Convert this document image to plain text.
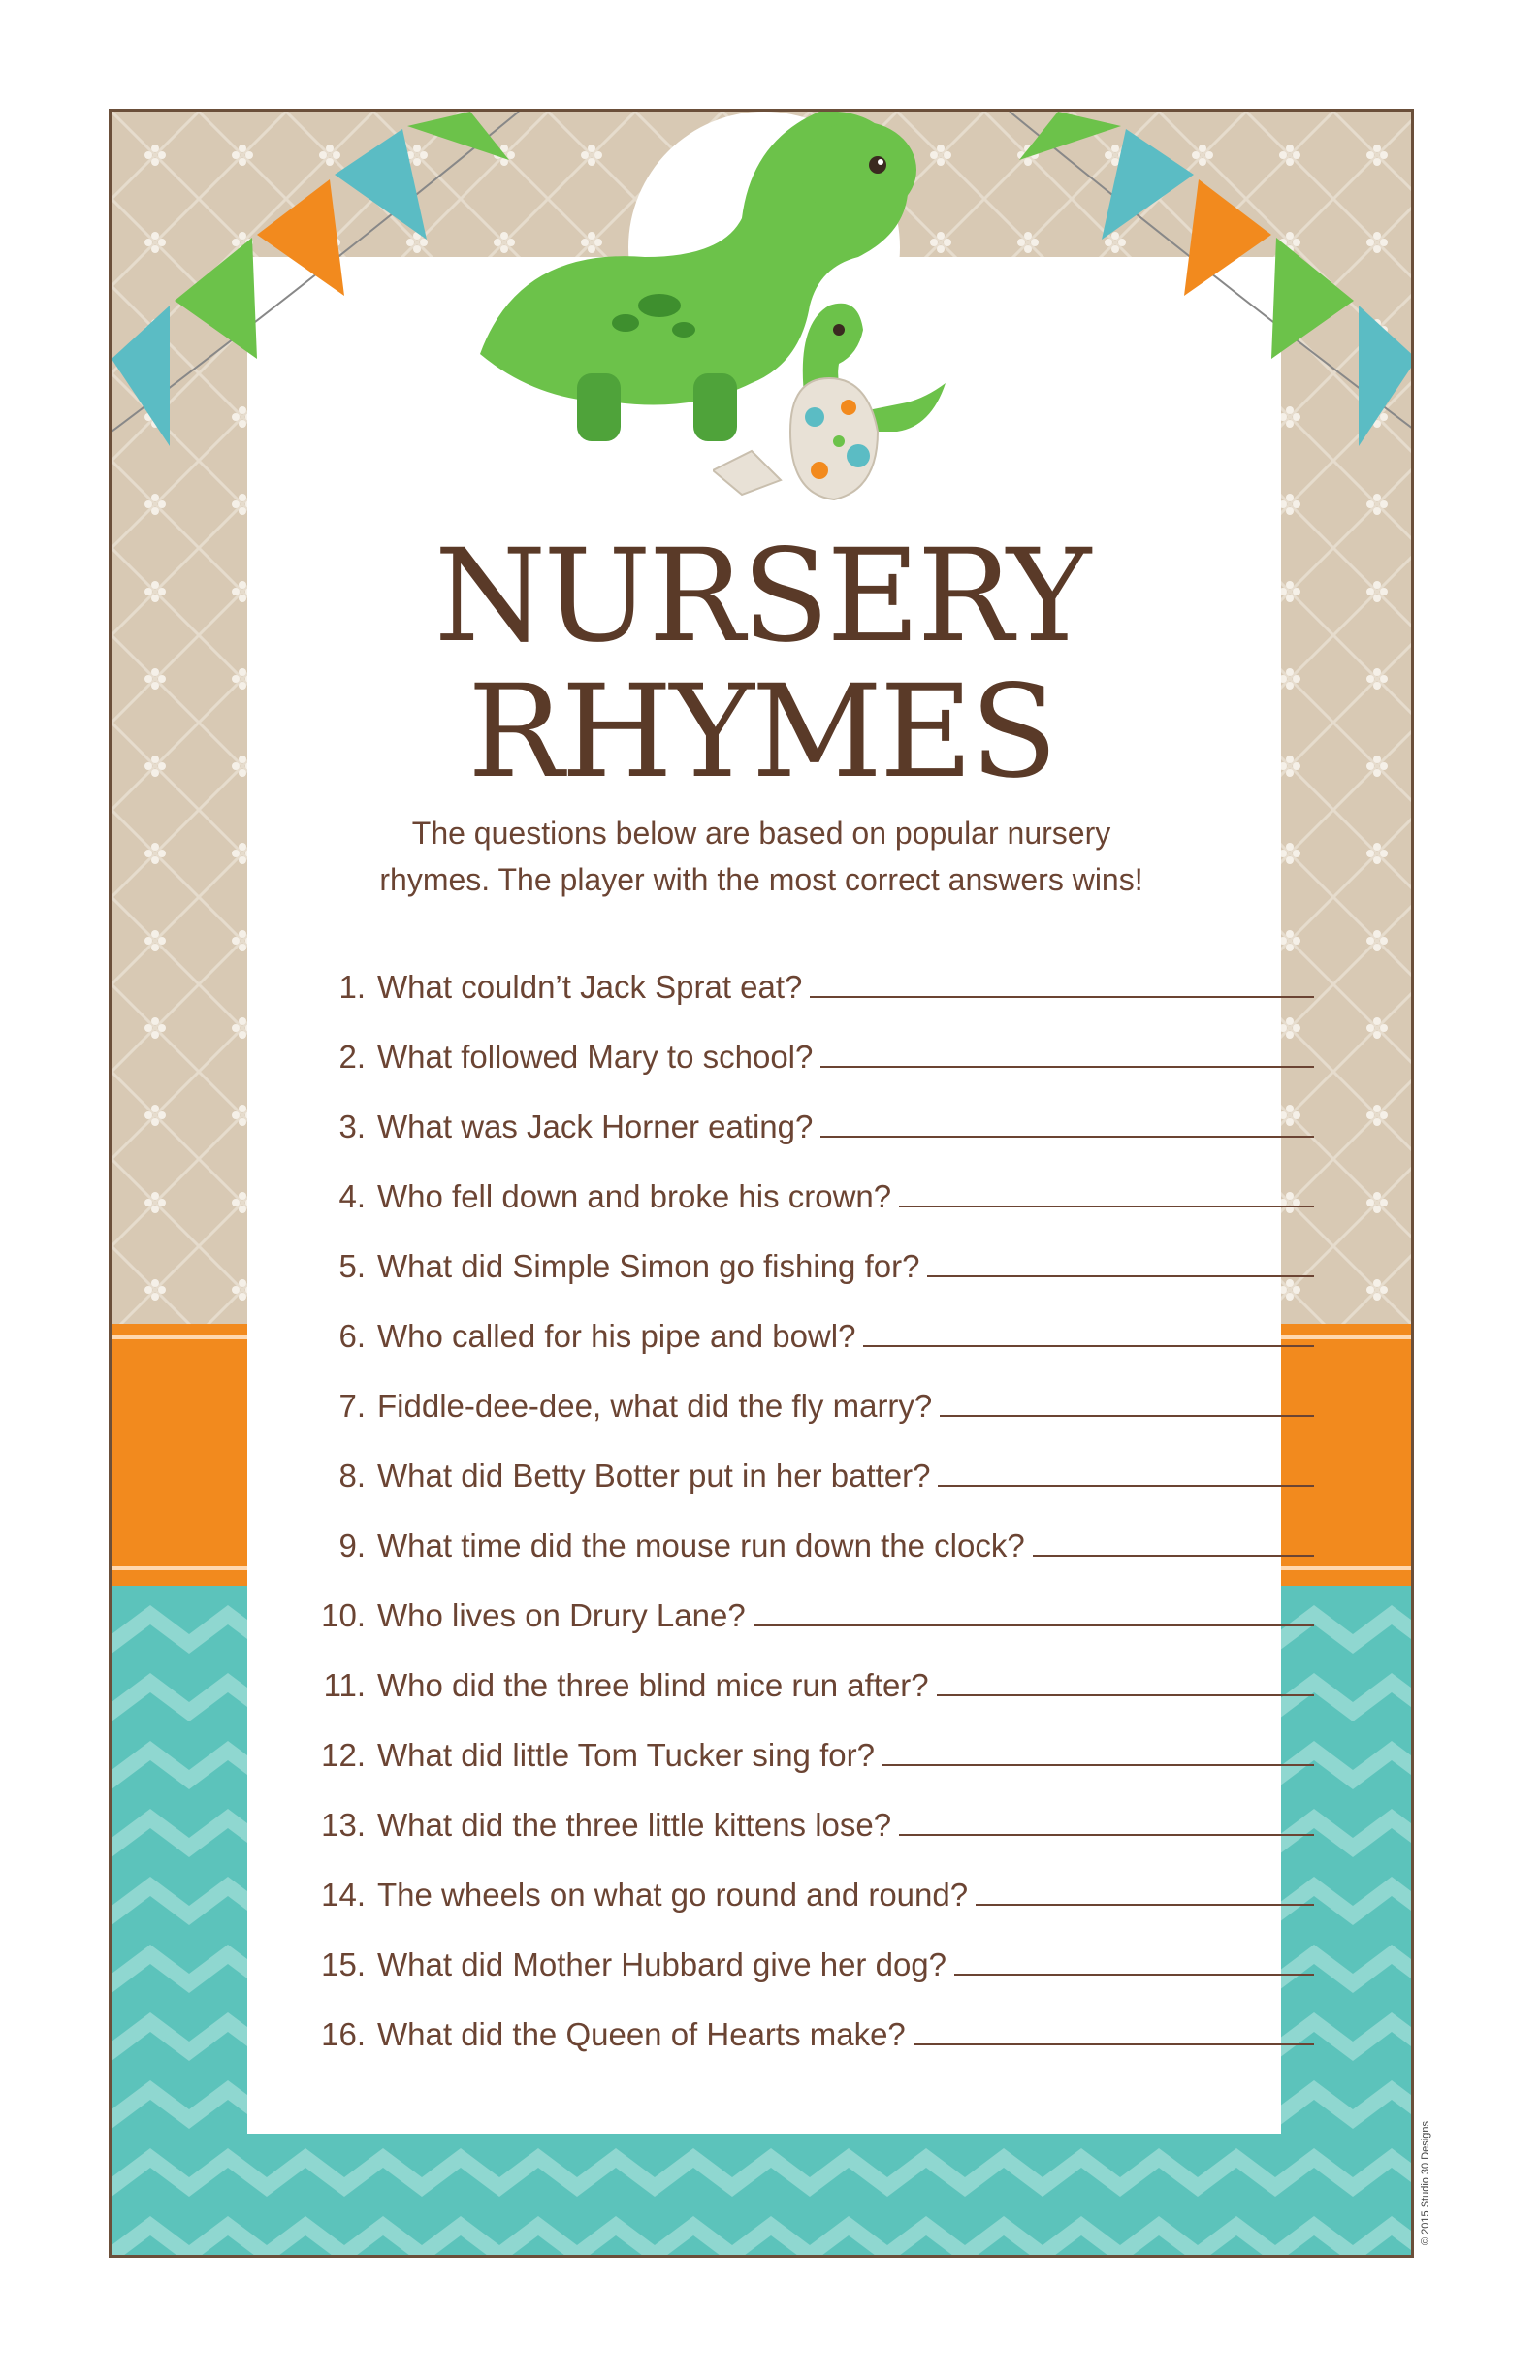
NURSERY
RHYMES

The questions below are based on popular nursery
rhymes. The player with the most correct answers wins!

1. What couldn’t Jack Sprat eat?
2. What followed Mary to school?
3. What was Jack Horner eating?
4. Who fell down and broke his crown?
5. What did Simple Simon go fishing for?
6. Who called for his pipe and bowl?
7. Fiddle-dee-dee, what did the fly marry?
8. What did Betty Botter put in her batter?
9. What time did the mouse run down the clock?
10. Who lives on Drury Lane?
11. Who did the three blind mice run after?
12. What did little Tom Tucker sing for?
13. What did the three little kittens lose?
14. The wheels on what go round and round?
15. What did Mother Hubbard give her dog?
16. What did the Queen of Hearts make?
© 2015 Studio 30 Designs
